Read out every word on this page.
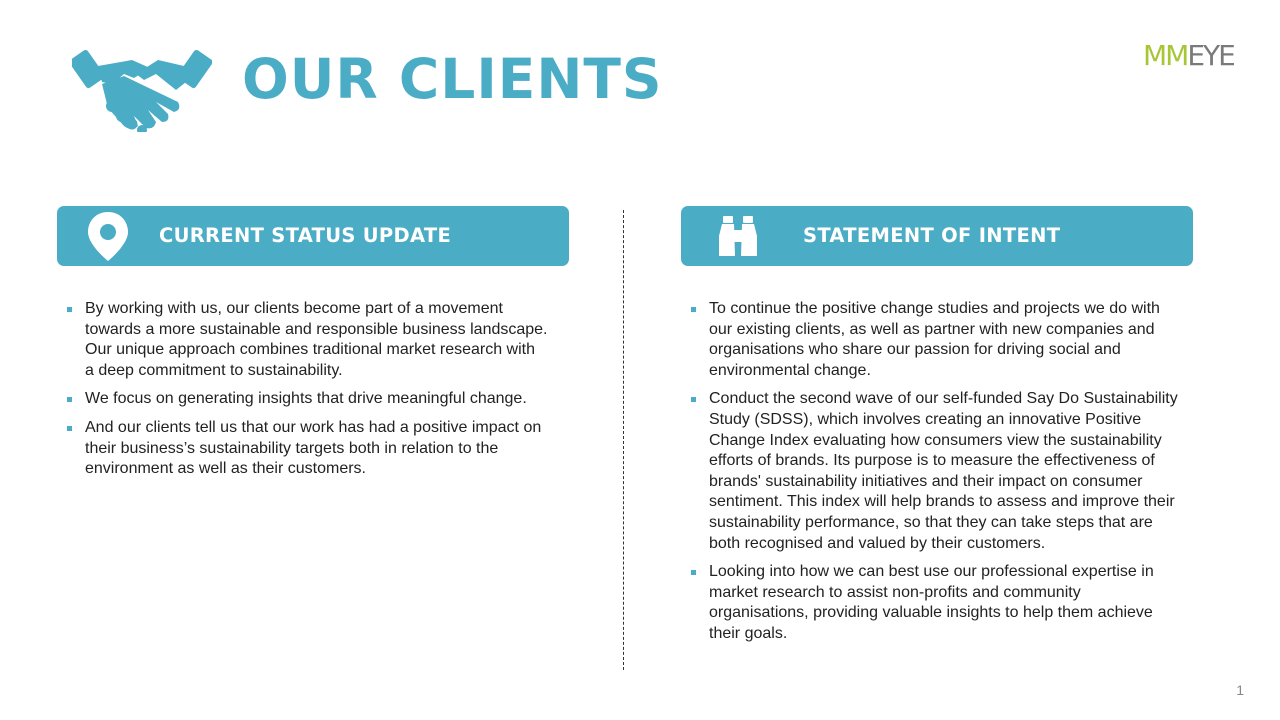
OUR CLIENTS	MMEYE
CURRENT STATUS UPDATE	STATEMENT OF INTENT
By working with us, our clients become part of a movement towards a more sustainable and responsible business landscape. Our unique approach combines traditional market research with a deep commitment to sustainability.
We focus on generating insights that drive meaningful change.
And our clients tell us that our work has had a positive impact on their business’s sustainability targets both in relation to the environment as well as their customers.
To continue the positive change studies and projects we do with our existing clients, as well as partner with new companies and organisations who share our passion for driving social and environmental change.
Conduct the second wave of our self-funded Say Do Sustainability Study (SDSS), which involves creating an innovative Positive Change Index evaluating how consumers view the sustainability efforts of brands. Its purpose is to measure the effectiveness of brands' sustainability initiatives and their impact on consumer sentiment. This index will help brands to assess and improve their sustainability performance, so that they can take steps that are both recognised and valued by their customers.
Looking into how we can best use our professional expertise in market research to assist non-profits and community organisations, providing valuable insights to help them achieve their goals.
1
